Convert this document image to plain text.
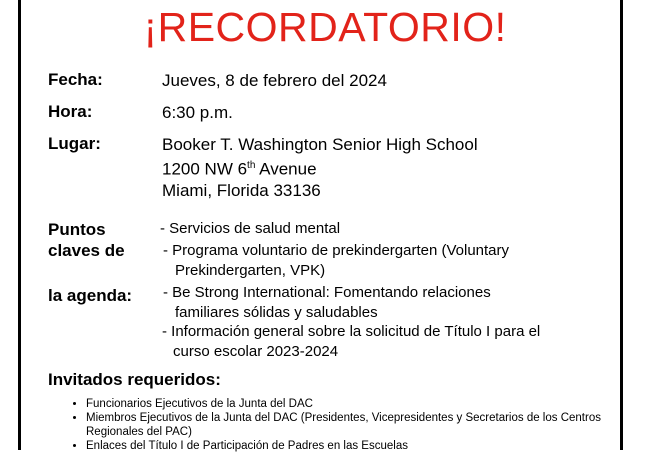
¡RECORDATORIO!
Fecha:	Jueves, 8 de febrero del 2024
Hora:	6:30 p.m.
Lugar:	Booker T. Washington Senior High School
1200 NW 6th Avenue
Miami, Florida 33136
Puntos
claves de
la agenda:
- Servicios de salud mental
- Programa voluntario de prekindergarten (Voluntary
Prekindergarten, VPK)
- Be Strong International: Fomentando relaciones
familiares sólidas y saludables
- Información general sobre la solicitud de Título I para el
curso escolar 2023-2024
Invitados requeridos:
• Funcionarios Ejecutivos de la Junta del DAC
• Miembros Ejecutivos de la Junta del DAC (Presidentes, Vicepresidentes y Secretarios de los Centros Regionales del PAC)
• Enlaces del Título I de Participación de Padres en las Escuelas
